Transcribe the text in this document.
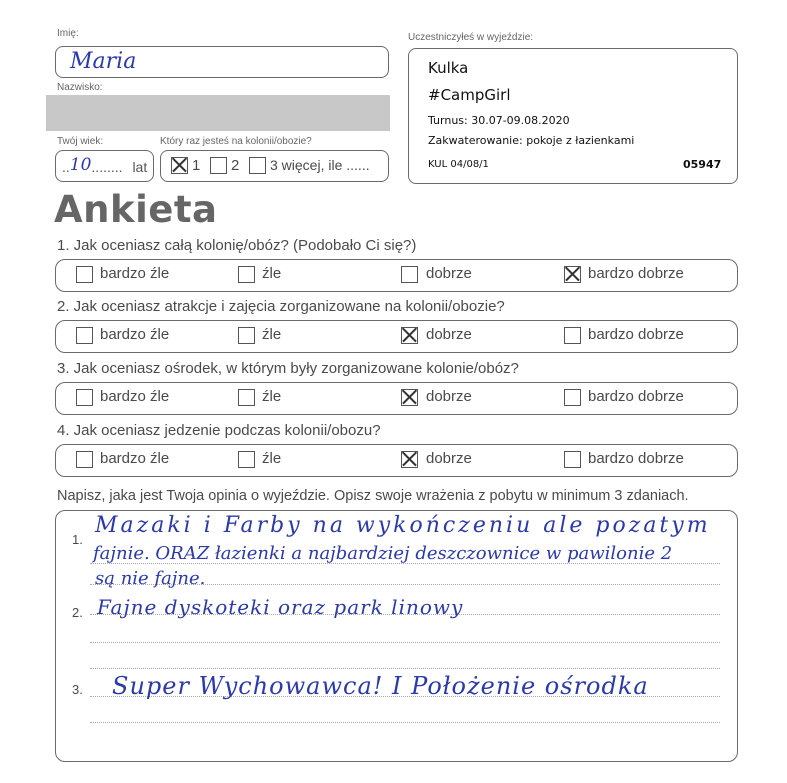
Imię:
Maria
Nazwisko:
Twój wiek:
..10........ lat
Który raz jesteś na kolonii/obozie?
1 2 3 więcej, ile ......
Uczestniczyłeś w wyjeździe:
Kulka
#CampGirl
Turnus: 30.07-09.08.2020
Zakwaterowanie: pokoje z łazienkami
KUL 04/08/1	05947
Ankieta
1. Jak oceniasz całą kolonię/obóz? (Podobało Ci się?)
2. Jak oceniasz atrakcje i zajęcia zorganizowane na kolonii/obozie?
3. Jak oceniasz ośrodek, w którym były zorganizowane kolonie/obóz?
4. Jak oceniasz jedzenie podczas kolonii/obozu?
bardzo źle	źle	dobrze	bardzo dobrze
bardzo źle	źle	dobrze	bardzo dobrze
bardzo źle	źle	dobrze	bardzo dobrze
bardzo źle	źle	dobrze	bardzo dobrze
Napisz, jaka jest Twoja opinia o wyjeździe. Opisz swoje wrażenia z pobytu w minimum 3 zdaniach.
1.
2.
3.
Mazaki i Farby na wykończeniu ale pozatym
fajnie. ORAZ łazienki a najbardziej deszczownice w pawilonie 2
są nie fajne.
Fajne dyskoteki oraz park linowy
Super Wychowawca! I Położenie ośrodka
